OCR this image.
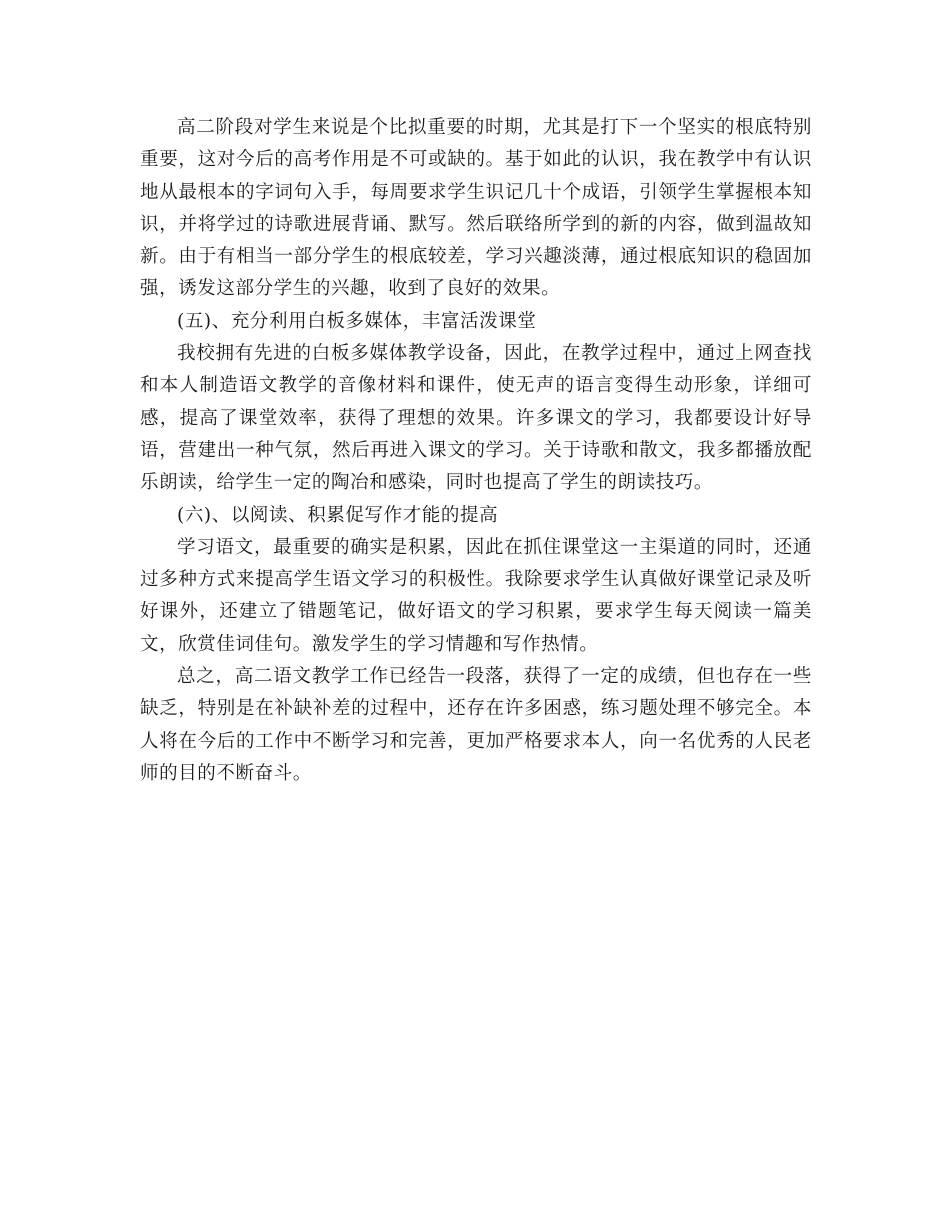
高二阶段对学生来说是个比拟重要的时期，尤其是打下一个坚实的根底特别重要，这对今后的高考作用是不可或缺的。基于如此的认识，我在教学中有认识地从最根本的字词句入手，每周要求学生识记几十个成语，引领学生掌握根本知识，并将学过的诗歌进展背诵、默写。然后联络所学到的新的内容，做到温故知新。由于有相当一部分学生的根底较差，学习兴趣淡薄，通过根底知识的稳固加强，诱发这部分学生的兴趣，收到了良好的效果。

(五)、充分利用白板多媒体，丰富活泼课堂

我校拥有先进的白板多媒体教学设备，因此，在教学过程中，通过上网查找和本人制造语文教学的音像材料和课件，使无声的语言变得生动形象，详细可感，提高了课堂效率，获得了理想的效果。许多课文的学习，我都要设计好导语，营建出一种气氛，然后再进入课文的学习。关于诗歌和散文，我多都播放配乐朗读，给学生一定的陶冶和感染，同时也提高了学生的朗读技巧。

(六)、以阅读、积累促写作才能的提高

学习语文，最重要的确实是积累，因此在抓住课堂这一主渠道的同时，还通过多种方式来提高学生语文学习的积极性。我除要求学生认真做好课堂记录及听好课外，还建立了错题笔记，做好语文的学习积累，要求学生每天阅读一篇美文，欣赏佳词佳句。激发学生的学习情趣和写作热情。

总之，高二语文教学工作已经告一段落，获得了一定的成绩，但也存在一些缺乏，特别是在补缺补差的过程中，还存在许多困惑，练习题处理不够完全。本人将在今后的工作中不断学习和完善，更加严格要求本人，向一名优秀的人民老师的目的不断奋斗。
